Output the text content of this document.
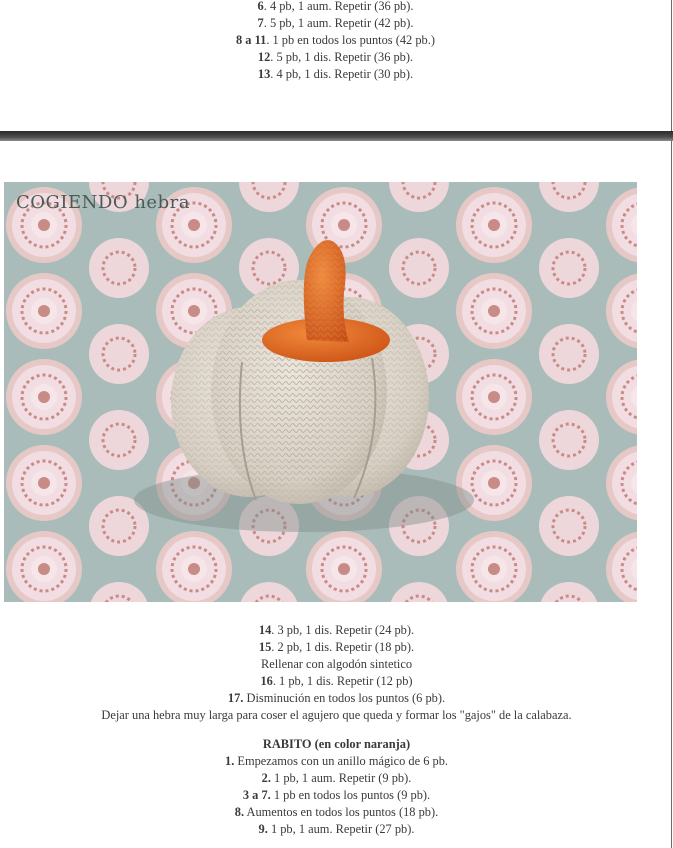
6. 4 pb, 1 aum. Repetir (36 pb).
7. 5 pb, 1 aum. Repetir (42 pb).
8 a 11. 1 pb en todos los puntos (42 pb.)
12. 5 pb, 1 dis. Repetir (36 pb).
13. 4 pb, 1 dis. Repetir (30 pb).
COGIENDO hebra
14. 3 pb, 1 dis. Repetir (24 pb).
15. 2 pb, 1 dis. Repetir (18 pb).
Rellenar con algodón sintetico
16. 1 pb, 1 dis. Repetir (12 pb)
17. Disminución en todos los puntos (6 pb).
Dejar una hebra muy larga para coser el agujero que queda y formar los "gajos" de la calabaza.
RABITO (en color naranja)
1. Empezamos con un anillo mágico de 6 pb.
2. 1 pb, 1 aum. Repetir (9 pb).
3 a 7. 1 pb en todos los puntos (9 pb).
8. Aumentos en todos los puntos (18 pb).
9. 1 pb, 1 aum. Repetir (27 pb).
